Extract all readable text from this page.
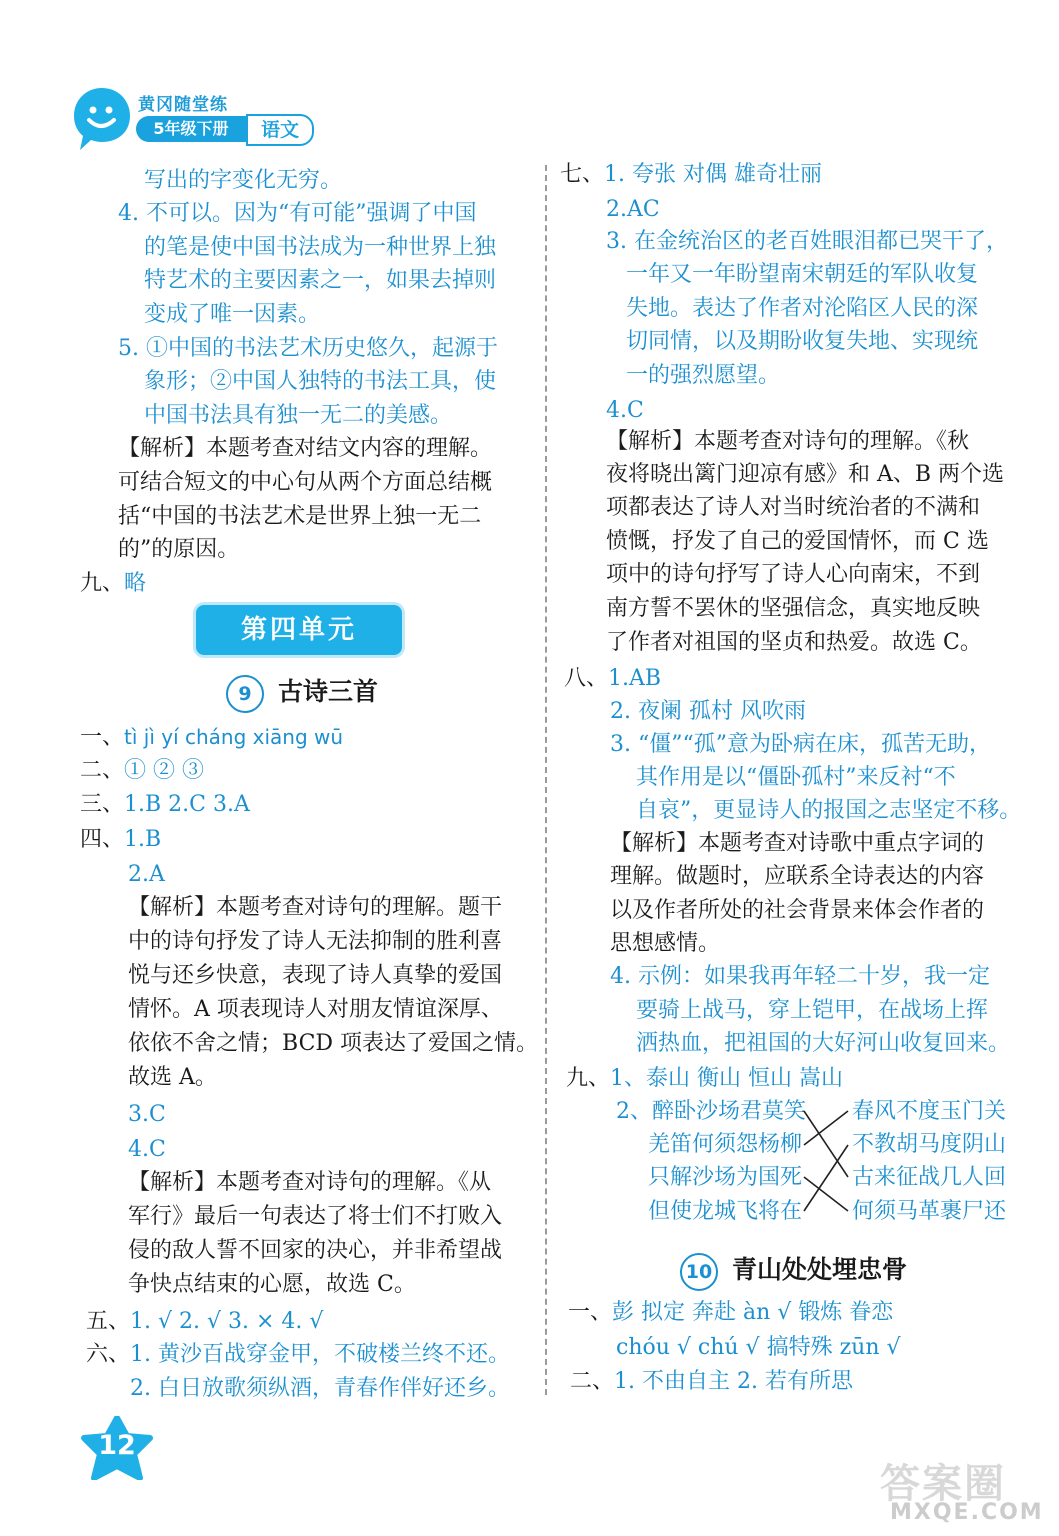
黄冈随堂练
5年级下册	语文
写出的字变化无穷。
4. 不可以。因为“有可能”强调了中国
的笔是使中国书法成为一种世界上独
特艺术的主要因素之一，如果去掉则
变成了唯一因素。
5. ①中国的书法艺术历史悠久，起源于
象形；②中国人独特的书法工具，使
中国书法具有独一无二的美感。
【解析】本题考查对结文内容的理解。
可结合短文的中心句从两个方面总结概
括“中国的书法艺术是世界上独一无二
的”的原因。
九、略
第四单元
9 古诗三首
一、tì jì yí cháng xiāng wū
二、① ② ③
三、1.B 2.C 3.A
四、1.B
2.A
【解析】本题考查对诗句的理解。题干
中的诗句抒发了诗人无法抑制的胜利喜
悦与还乡快意，表现了诗人真挚的爱国
情怀。A 项表现诗人对朋友情谊深厚、
依依不舍之情；BCD 项表达了爱国之情。
故选 A。
3.C
4.C
【解析】本题考查对诗句的理解。《从
军行》最后一句表达了将士们不打败入
侵的敌人誓不回家的决心，并非希望战
争快点结束的心愿，故选 C。
五、1. √ 2. √ 3. × 4. √
六、1. 黄沙百战穿金甲，不破楼兰终不还。
2. 白日放歌须纵酒，青春作伴好还乡。
七、1. 夸张 对偶 雄奇壮丽
2.AC
3. 在金统治区的老百姓眼泪都已哭干了，
一年又一年盼望南宋朝廷的军队收复
失地。表达了作者对沦陷区人民的深
切同情，以及期盼收复失地、实现统
一的强烈愿望。
4.C
【解析】本题考查对诗句的理解。《秋
夜将晓出篱门迎凉有感》和 A、B 两个选
项都表达了诗人对当时统治者的不满和
愤慨，抒发了自己的爱国情怀，而 C 选
项中的诗句抒写了诗人心向南宋，不到
南方誓不罢休的坚强信念，真实地反映
了作者对祖国的坚贞和热爱。故选 C。
八、1.AB
2. 夜阑 孤村 风吹雨
3. “僵”“孤”意为卧病在床，孤苦无助，
其作用是以“僵卧孤村”来反衬“不
自哀”，更显诗人的报国之志坚定不移。
【解析】本题考查对诗歌中重点字词的
理解。做题时，应联系全诗表达的内容
以及作者所处的社会背景来体会作者的
思想感情。
4. 示例：如果我再年轻二十岁，我一定
要骑上战马，穿上铠甲，在战场上挥
洒热血，把祖国的大好河山收复回来。
九、1、泰山 衡山 恒山 嵩山
2、醉卧沙场君莫笑
羌笛何须怨杨柳
只解沙场为国死
但使龙城飞将在
春风不度玉门关
不教胡马度阴山
古来征战几人回
何须马革裹尸还
10 青山处处埋忠骨
一、彭 拟定 奔赴 àn √ 锻炼 眷恋
chóu √ chú √ 搞特殊 zūn √
二、1. 不由自主 2. 若有所思
12
答案圈
MXQE.COM
